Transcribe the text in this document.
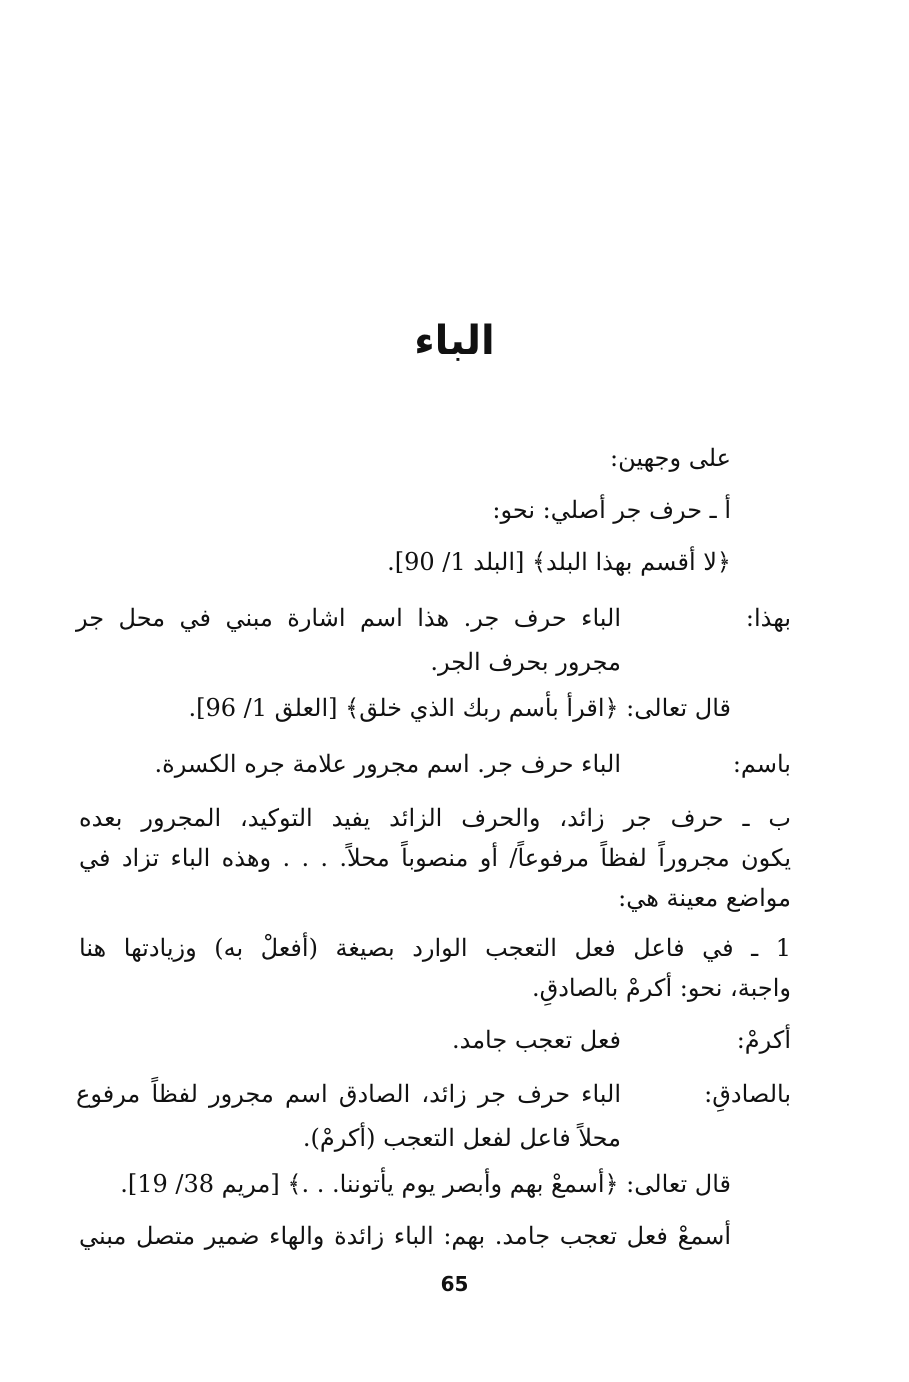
الباء
على وجهين:
أ ـ حرف جر أصلي: نحو:
﴿لا أقسم بهذا البلد﴾ [البلد 1/ 90].
بهذا:
الباء حرف جر. هذا اسم اشارة مبني في محل جر
مجرور بحرف الجر.
قال تعالى: ﴿اقرأ بأسم ربك الذي خلق﴾ [العلق 1/ 96].
باسم:
الباء حرف جر. اسم مجرور علامة جره الكسرة.
ب ـ حرف جر زائد، والحرف الزائد يفيد التوكيد، المجرور بعده
يكون مجروراً لفظاً مرفوعاً/ أو منصوباً محلاً. . . . وهذه الباء تزاد في
مواضع معينة هي:
1 ـ في فاعل فعل التعجب الوارد بصيغة (أفعلْ به) وزيادتها هنا
واجبة، نحو: أكرمْ بالصادقِ.
أكرمْ:
فعل تعجب جامد.
بالصادقِ:
الباء حرف جر زائد، الصادق اسم مجرور لفظاً مرفوع
محلاً فاعل لفعل التعجب (أكرمْ).
قال تعالى: ﴿أسمعْ بهم وأبصر يوم يأتوننا. . .﴾ [مريم 38/ 19].
أسمعْ فعل تعجب جامد. بهم: الباء زائدة والهاء ضمير متصل مبني
65
